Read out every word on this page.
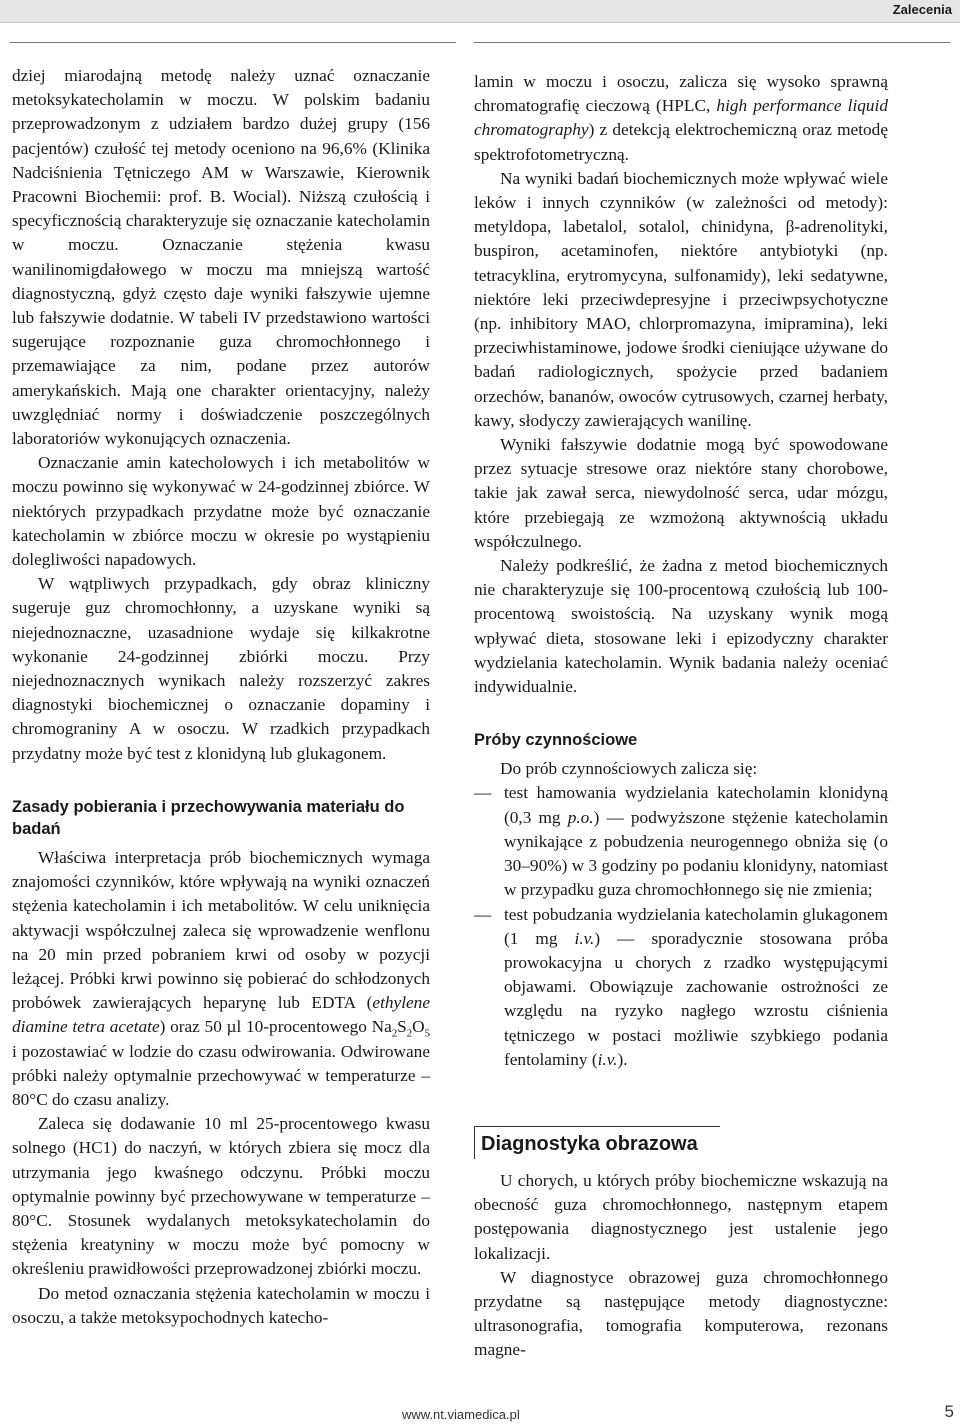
Zalecenia

dziej miarodajną metodę należy uznać oznaczanie metoksykatecholamin w moczu. W polskim badaniu przeprowadzonym z udziałem bardzo dużej grupy (156 pacjentów) czułość tej metody oceniono na 96,6% (Klinika Nadciśnienia Tętniczego AM w Warszawie, Kierownik Pracowni Biochemii: prof. B. Wocial). Niższą czułością i specyficznością charakteryzuje się oznaczanie katecholamin w moczu. Oznaczanie stężenia kwasu wanilinomigdałowego w moczu ma mniejszą wartość diagnostyczną, gdyż często daje wyniki fałszywie ujemne lub fałszywie dodatnie. W tabeli IV przedstawiono wartości sugerujące rozpoznanie guza chromochłonnego i przemawiające za nim, podane przez autorów amerykańskich. Mają one charakter orientacyjny, należy uwzględniać normy i doświadczenie poszczególnych laboratoriów wykonujących oznaczenia.

Oznaczanie amin katecholowych i ich metabolitów w moczu powinno się wykonywać w 24-godzinnej zbiórce. W niektórych przypadkach przydatne może być oznaczanie katecholamin w zbiórce moczu w okresie po wystąpieniu dolegliwości napadowych.

W wątpliwych przypadkach, gdy obraz kliniczny sugeruje guz chromochłonny, a uzyskane wyniki są niejednoznaczne, uzasadnione wydaje się kilkakrotne wykonanie 24-godzinnej zbiórki moczu. Przy niejednoznacznych wynikach należy rozszerzyć zakres diagnostyki biochemicznej o oznaczanie dopaminy i chromograniny A w osoczu. W rzadkich przypadkach przydatny może być test z klonidyną lub glukagonem.

Zasady pobierania i przechowywania materiału do badań

Właściwa interpretacja prób biochemicznych wymaga znajomości czynników, które wpływają na wyniki oznaczeń stężenia katecholamin i ich metabolitów. W celu uniknięcia aktywacji współczulnej zaleca się wprowadzenie wenflonu na 20 min przed pobraniem krwi od osoby w pozycji leżącej. Próbki krwi powinno się pobierać do schłodzonych probówek zawierających heparynę lub EDTA (ethylene diamine tetra acetate) oraz 50 µl 10-procentowego $Na_2S_2O_5$ i pozostawiać w lodzie do czasu odwirowania. Odwirowane próbki należy optymalnie przechowywać w temperaturze –80°C do czasu analizy.

Zaleca się dodawanie 10 ml 25-procentowego kwasu solnego (HC1) do naczyń, w których zbiera się mocz dla utrzymania jego kwaśnego odczynu. Próbki moczu optymalnie powinny być przechowywane w temperaturze –80°C. Stosunek wydalanych metoksykatecholamin do stężenia kreatyniny w moczu może być pomocny w określeniu prawidłowości przeprowadzonej zbiórki moczu.

Do metod oznaczania stężenia katecholamin w moczu i osoczu, a także metoksypochodnych katecho-

lamin w moczu i osoczu, zalicza się wysoko sprawną chromatografię cieczową (HPLC, high performance liquid chromatography) z detekcją elektrochemiczną oraz metodę spektrofotometryczną.

Na wyniki badań biochemicznych może wpływać wiele leków i innych czynników (w zależności od metody): metyldopa, labetalol, sotalol, chinidyna, β-adrenolityki, buspiron, acetaminofen, niektóre antybiotyki (np. tetracyklina, erytromycyna, sulfonamidy), leki sedatywne, niektóre leki przeciwdepresyjne i przeciwpsychotyczne (np. inhibitory MAO, chlorpromazyna, imipramina), leki przeciwhistaminowe, jodowe środki cieniujące używane do badań radiologicznych, spożycie przed badaniem orzechów, bananów, owoców cytrusowych, czarnej herbaty, kawy, słodyczy zawierających wanilinę.

Wyniki fałszywie dodatnie mogą być spowodowane przez sytuacje stresowe oraz niektóre stany chorobowe, takie jak zawał serca, niewydolność serca, udar mózgu, które przebiegają ze wzmożoną aktywnością układu współczulnego.

Należy podkreślić, że żadna z metod biochemicznych nie charakteryzuje się 100-procentową czułością lub 100-procentową swoistością. Na uzyskany wynik mogą wpływać dieta, stosowane leki i epizodyczny charakter wydzielania katecholamin. Wynik badania należy oceniać indywidualnie.

Próby czynnościowe

Do prób czynnościowych zalicza się:

— test hamowania wydzielania katecholamin klonidyną (0,3 mg p.o.) — podwyższone stężenie katecholamin wynikające z pobudzenia neurogennego obniża się (o 30–90%) w 3 godziny po podaniu klonidyny, natomiast w przypadku guza chromochłonnego się nie zmienia;
— test pobudzania wydzielania katecholamin glukagonem (1 mg i.v.) — sporadycznie stosowana próba prowokacyjna u chorych z rzadko występującymi objawami. Obowiązuje zachowanie ostrożności ze względu na ryzyko nagłego wzrostu ciśnienia tętniczego w postaci możliwie szybkiego podania fentolaminy (i.v.).
Diagnostyka obrazowa

U chorych, u których próby biochemiczne wskazują na obecność guza chromochłonnego, następnym etapem postępowania diagnostycznego jest ustalenie jego lokalizacji.

W diagnostyce obrazowej guza chromochłonnego przydatne są następujące metody diagnostyczne: ultrasonografia, tomografia komputerowa, rezonans magne-

www.nt.viamedica.pl	5
